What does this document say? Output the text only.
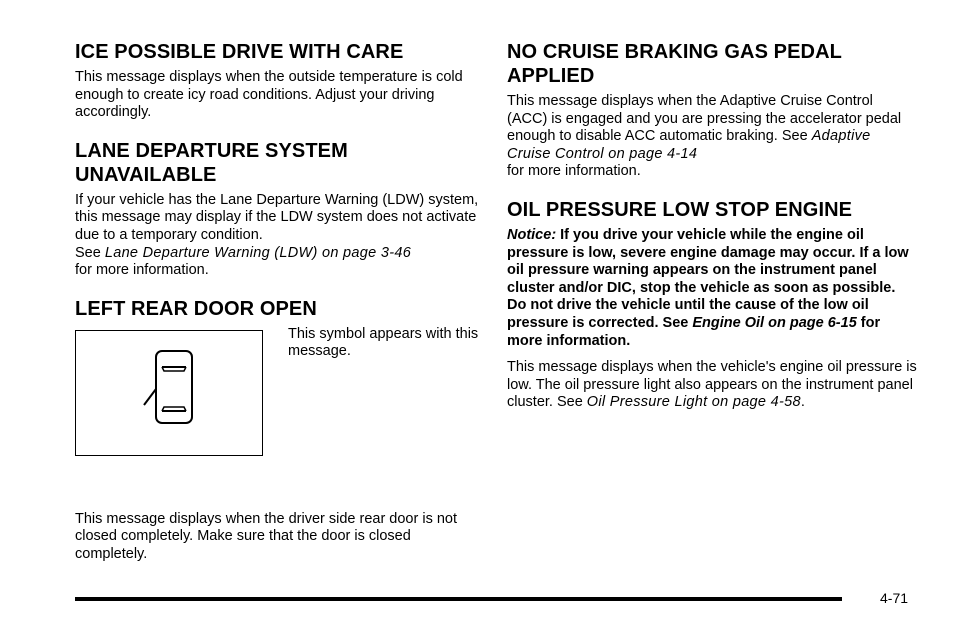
ICE POSSIBLE DRIVE WITH CARE

This message displays when the outside temperature is cold enough to create icy road conditions. Adjust your driving accordingly.

LANE DEPARTURE SYSTEM UNAVAILABLE

If your vehicle has the Lane Departure Warning (LDW) system, this message may display if the LDW system does not activate due to a temporary condition.
See Lane Departure Warning (LDW) on page 3-46
for more information.

LEFT REAR DOOR OPEN

This symbol appears with this message.

This message displays when the driver side rear door is not closed completely. Make sure that the door is closed completely.

NO CRUISE BRAKING GAS PEDAL APPLIED

This message displays when the Adaptive Cruise Control (ACC) is engaged and you are pressing the accelerator pedal enough to disable ACC automatic braking. See Adaptive Cruise Control on page 4-14
for more information.

OIL PRESSURE LOW STOP ENGINE

Notice: If you drive your vehicle while the engine oil pressure is low, severe engine damage may occur. If a low oil pressure warning appears on the instrument panel cluster and/or DIC, stop the vehicle as soon as possible. Do not drive the vehicle until the cause of the low oil pressure is corrected. See Engine Oil on page 6-15 for more information.

This message displays when the vehicle's engine oil pressure is low. The oil pressure light also appears on the instrument panel cluster. See Oil Pressure Light on page 4-58.

4-71
